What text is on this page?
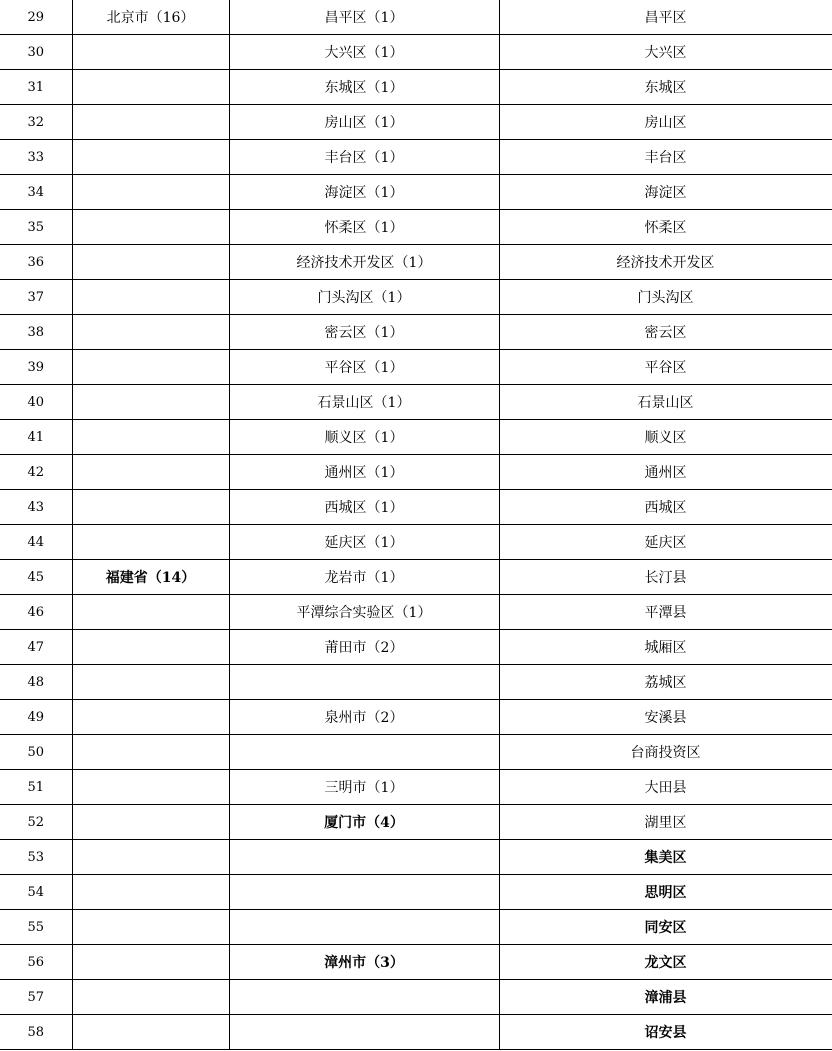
29	北京市（16）	昌平区（1）	昌平区
30		大兴区（1）	大兴区
31		东城区（1）	东城区
32		房山区（1）	房山区
33		丰台区（1）	丰台区
34		海淀区（1）	海淀区
35		怀柔区（1）	怀柔区
36		经济技术开发区（1）	经济技术开发区
37		门头沟区（1）	门头沟区
38		密云区（1）	密云区
39		平谷区（1）	平谷区
40		石景山区（1）	石景山区
41		顺义区（1）	顺义区
42		通州区（1）	通州区
43		西城区（1）	西城区
44		延庆区（1）	延庆区
45	福建省（14）	龙岩市（1）	长汀县
46		平潭综合实验区（1）	平潭县
47		莆田市（2）	城厢区
48			荔城区
49		泉州市（2）	安溪县
50			台商投资区
51		三明市（1）	大田县
52		厦门市（4）	湖里区
53			集美区
54			思明区
55			同安区
56		漳州市（3）	龙文区
57			漳浦县
58			诏安县
